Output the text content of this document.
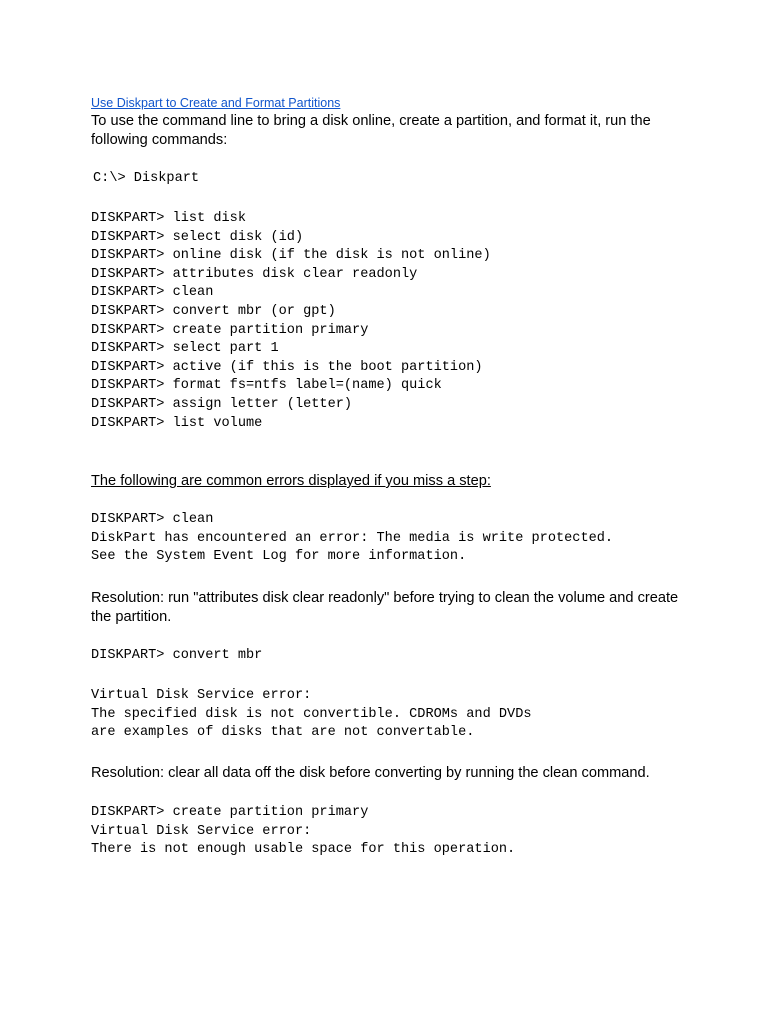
Use Diskpart to Create and Format Partitions

To use the command line to bring a disk online, create a partition, and format it, run the following commands:

C:\> Diskpart
DISKPART> list disk
DISKPART> select disk (id)
DISKPART> online disk (if the disk is not online)
DISKPART> attributes disk clear readonly
DISKPART> clean
DISKPART> convert mbr (or gpt)
DISKPART> create partition primary
DISKPART> select part 1
DISKPART> active (if this is the boot partition)
DISKPART> format fs=ntfs label=(name) quick
DISKPART> assign letter (letter)
DISKPART> list volume

The following are common errors displayed if you miss a step:

DISKPART> clean
DiskPart has encountered an error: The media is write protected.
See the System Event Log for more information.

Resolution: run "attributes disk clear readonly" before trying to clean the volume and create the partition.

DISKPART> convert mbr
Virtual Disk Service error:
The specified disk is not convertible. CDROMs and DVDs
are examples of disks that are not convertable.

Resolution: clear all data off the disk before converting by running the clean command.

DISKPART> create partition primary
Virtual Disk Service error:
There is not enough usable space for this operation.
